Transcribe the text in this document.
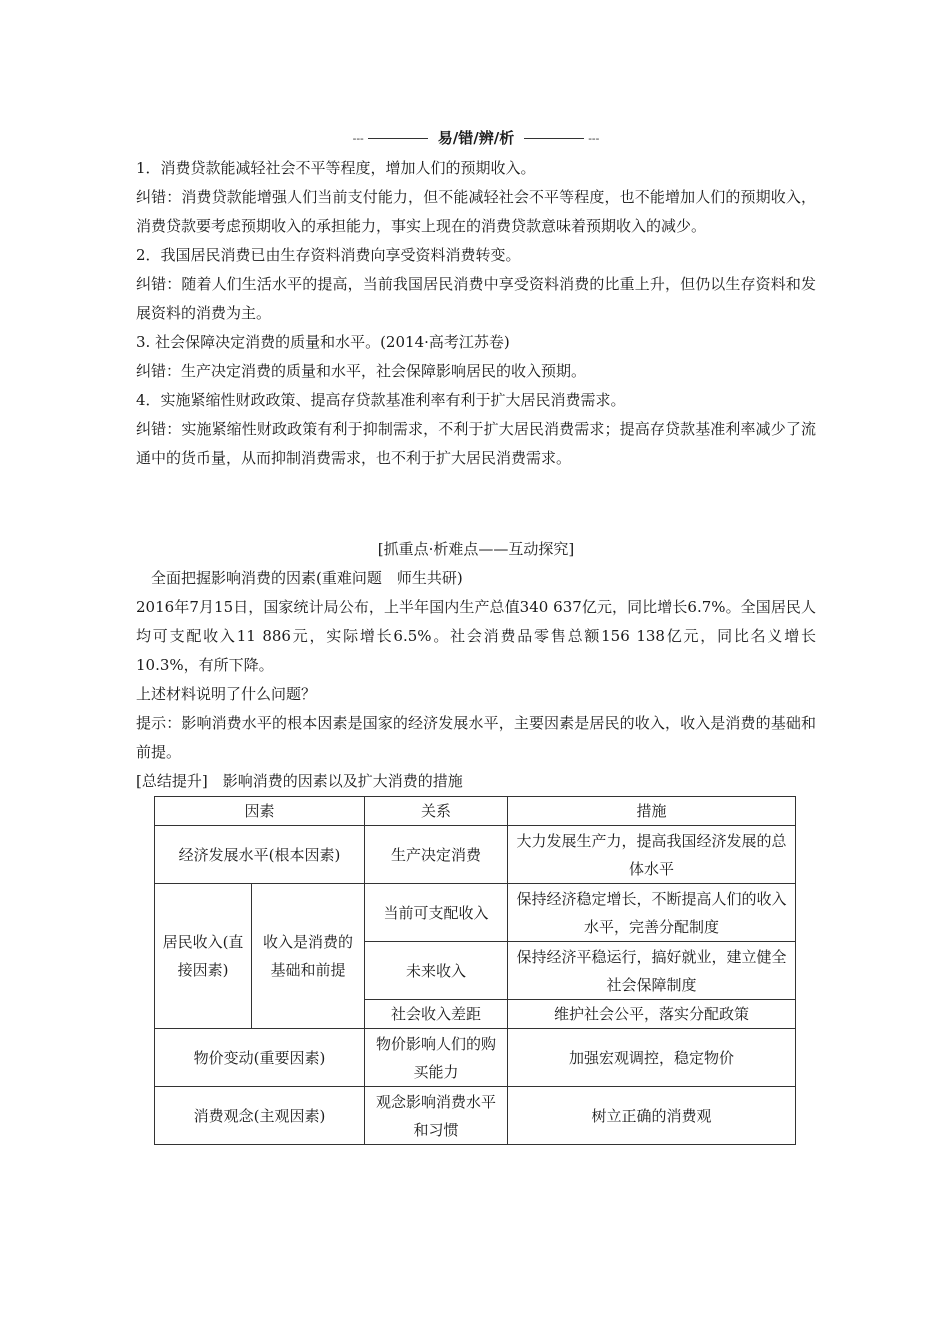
---	易/错/辨/析	---

1．消费贷款能减轻社会不平等程度，增加人们的预期收入。

纠错：消费贷款能增强人们当前支付能力，但不能减轻社会不平等程度，也不能增加人们的预期收入，消费贷款要考虑预期收入的承担能力，事实上现在的消费贷款意味着预期收入的减少。

2．我国居民消费已由生存资料消费向享受资料消费转变。

纠错：随着人们生活水平的提高，当前我国居民消费中享受资料消费的比重上升，但仍以生存资料和发展资料的消费为主。

3. 社会保障决定消费的质量和水平。(2014·高考江苏卷)

纠错：生产决定消费的质量和水平，社会保障影响居民的收入预期。

4．实施紧缩性财政政策、提高存贷款基准利率有利于扩大居民消费需求。

纠错：实施紧缩性财政政策有利于抑制需求，不利于扩大居民消费需求；提高存贷款基准利率减少了流通中的货币量，从而抑制消费需求，也不利于扩大居民消费需求。

[抓重点·析难点——互动探究]

全面把握影响消费的因素(重难问题　师生共研)

2016年7月15日，国家统计局公布，上半年国内生产总值340 637亿元，同比增长6.7%。全国居民人均可支配收入11 886元，实际增长6.5%。社会消费品零售总额156 138亿元，同比名义增长10.3%，有所下降。

上述材料说明了什么问题？

提示：影响消费水平的根本因素是国家的经济发展水平，主要因素是居民的收入，收入是消费的基础和前提。

[总结提升]　影响消费的因素以及扩大消费的措施

因素		关系	措施
经济发展水平(根本因素)		生产决定消费	大力发展生产力，提高我国经济发展的总体水平
居民收入(直接因素)	收入是消费的基础和前提	当前可支配收入	保持经济稳定增长，不断提高人们的收入水平，完善分配制度
		未来收入	保持经济平稳运行，搞好就业，建立健全社会保障制度
		社会收入差距	维护社会公平，落实分配政策
物价变动(重要因素)		物价影响人们的购买能力	加强宏观调控，稳定物价
消费观念(主观因素)		观念影响消费水平和习惯	树立正确的消费观
